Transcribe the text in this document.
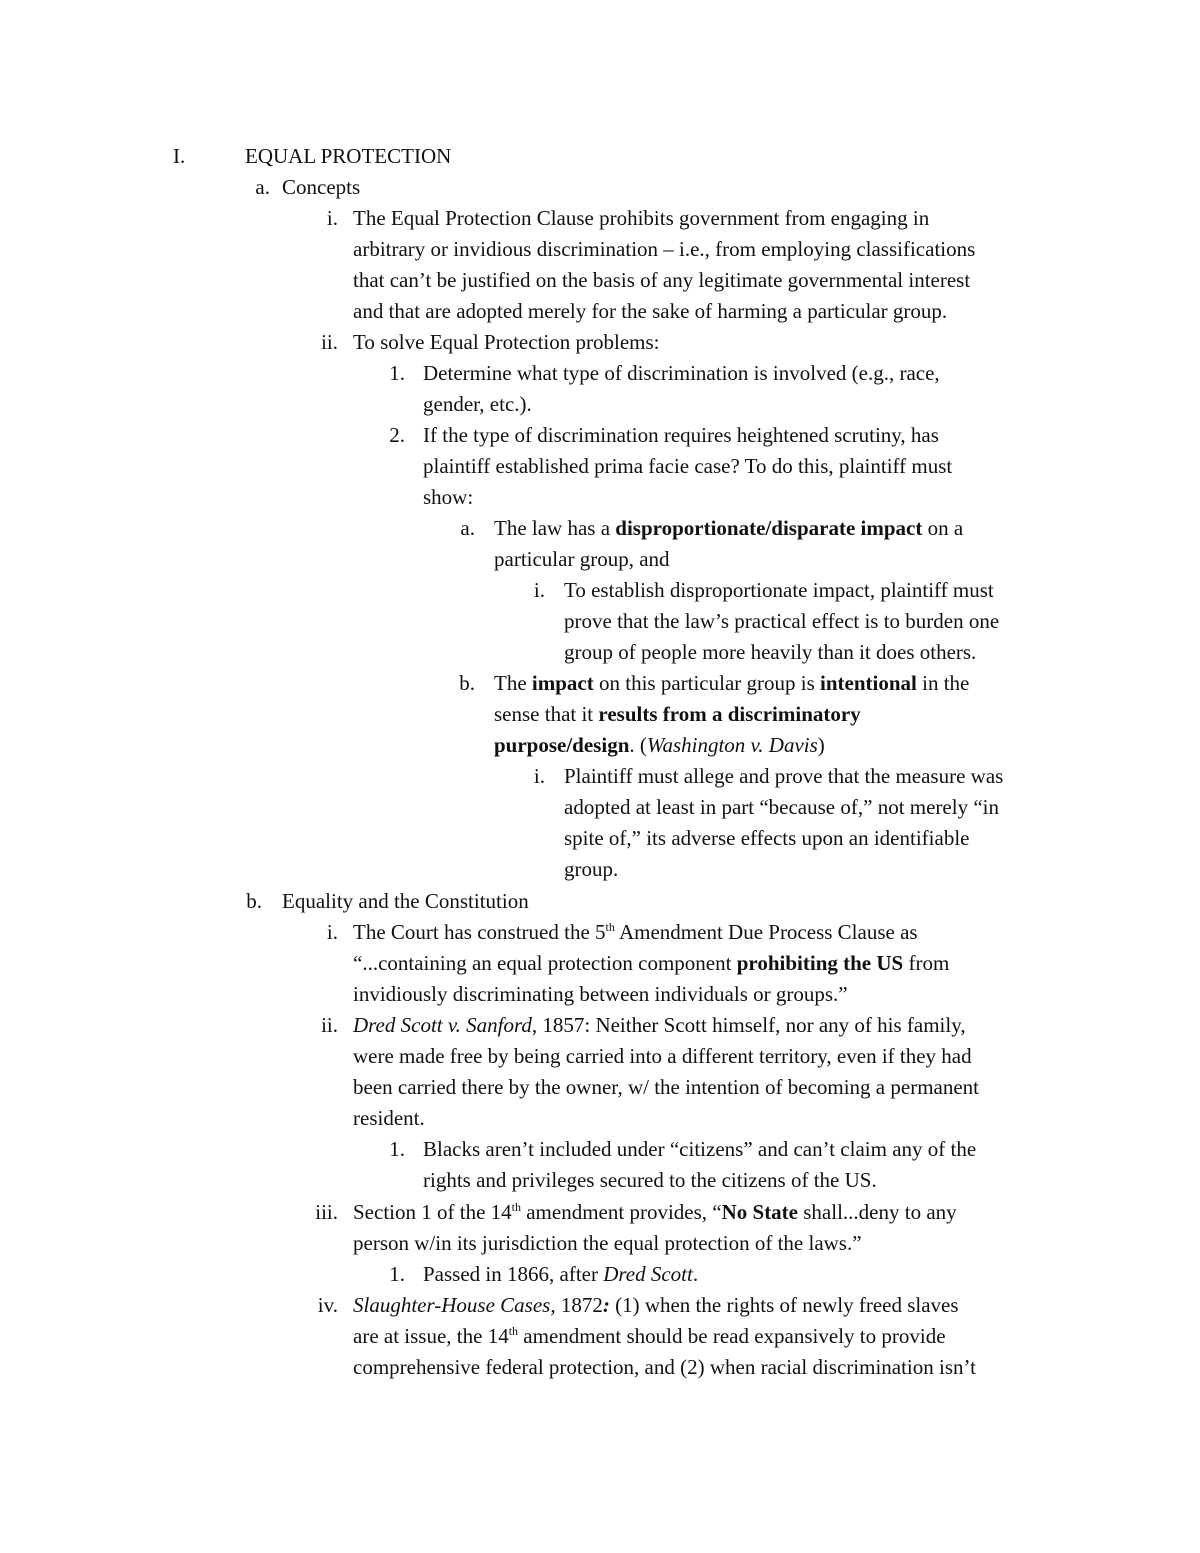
I.	EQUAL PROTECTION
a. Concepts
i. The Equal Protection Clause prohibits government from engaging in
arbitrary or invidious discrimination – i.e., from employing classifications
that can’t be justified on the basis of any legitimate governmental interest
and that are adopted merely for the sake of harming a particular group.
ii. To solve Equal Protection problems:
1. Determine what type of discrimination is involved (e.g., race,
gender, etc.).
2. If the type of discrimination requires heightened scrutiny, has
plaintiff established prima facie case? To do this, plaintiff must
show:
a. The law has a disproportionate/disparate impact on a
particular group, and
i. To establish disproportionate impact, plaintiff must
prove that the law’s practical effect is to burden one
group of people more heavily than it does others.
b. The impact on this particular group is intentional in the
sense that it results from a discriminatory
purpose/design. (Washington v. Davis)
i. Plaintiff must allege and prove that the measure was
adopted at least in part “because of,” not merely “in
spite of,” its adverse effects upon an identifiable
group.
b. Equality and the Constitution
i. The Court has construed the 5th Amendment Due Process Clause as
“...containing an equal protection component prohibiting the US from
invidiously discriminating between individuals or groups.”
ii. Dred Scott v. Sanford, 1857: Neither Scott himself, nor any of his family,
were made free by being carried into a different territory, even if they had
been carried there by the owner, w/ the intention of becoming a permanent
resident.
1. Blacks aren’t included under “citizens” and can’t claim any of the
rights and privileges secured to the citizens of the US.
iii. Section 1 of the 14th amendment provides, “No State shall...deny to any
person w/in its jurisdiction the equal protection of the laws.”
1. Passed in 1866, after Dred Scott.
iv. Slaughter-House Cases, 1872: (1) when the rights of newly freed slaves
are at issue, the 14th amendment should be read expansively to provide
comprehensive federal protection, and (2) when racial discrimination isn’t
